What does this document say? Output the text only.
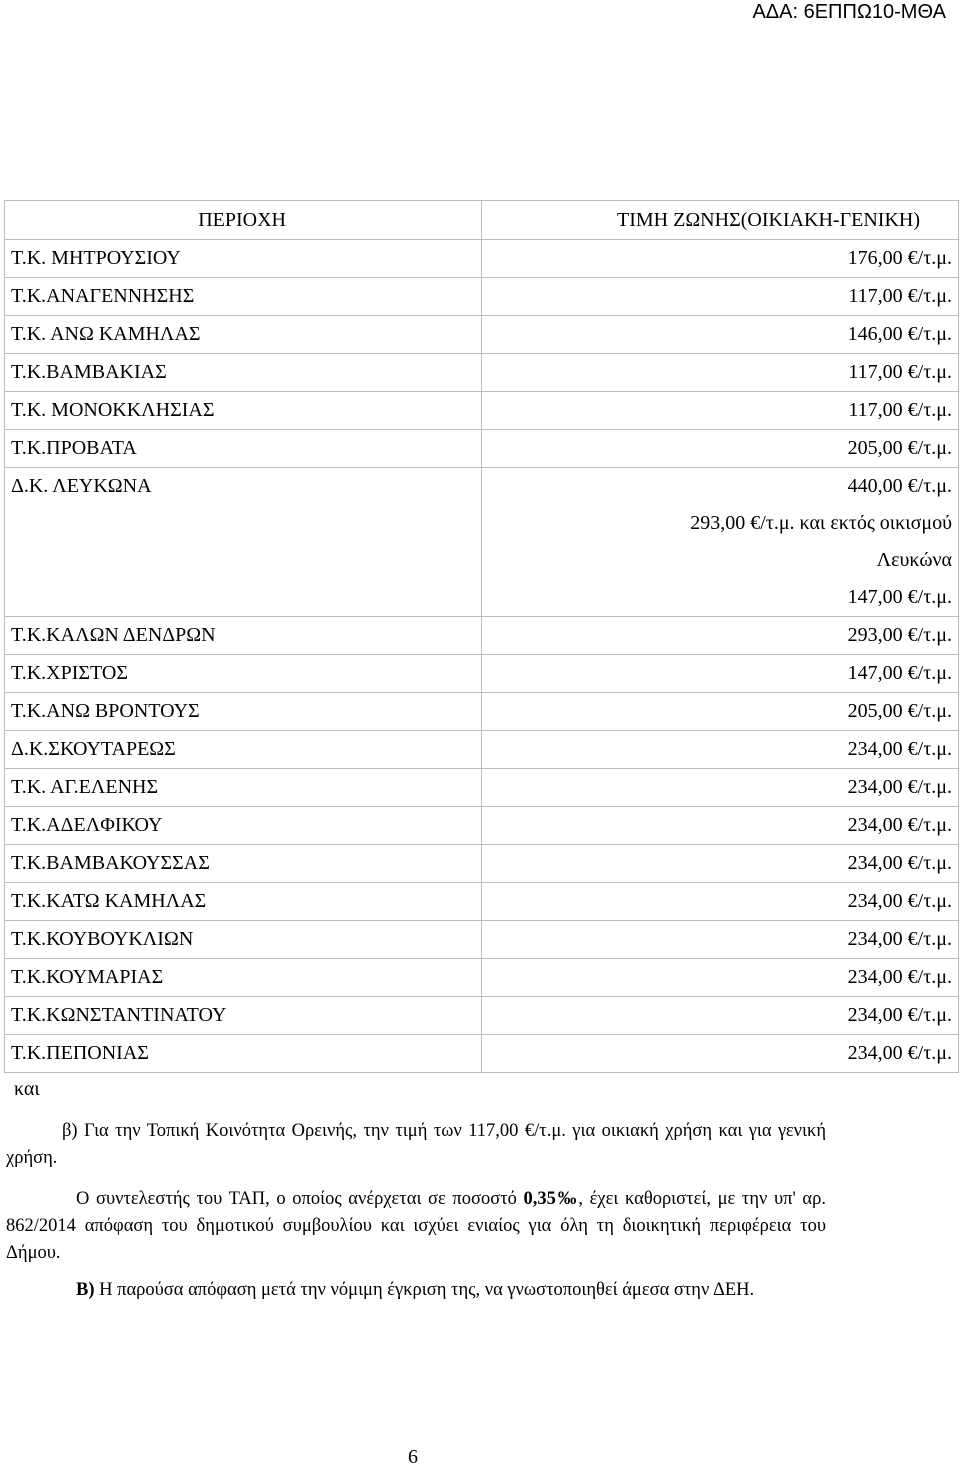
ΑΔΑ: 6ΕΠΠΩ10-ΜΘΑ
ΠΕΡΙΟΧΗ	ΤΙΜΗ ΖΩΝΗΣ(ΟΙΚΙΑΚΗ-ΓΕΝΙΚΗ)
Τ.Κ. ΜΗΤΡΟΥΣΙΟΥ	176,00 €/τ.μ.
Τ.Κ.ΑΝΑΓΕΝΝΗΣΗΣ	117,00 €/τ.μ.
Τ.Κ. ΑΝΩ ΚΑΜΗΛΑΣ	146,00 €/τ.μ.
Τ.Κ.ΒΑΜΒΑΚΙΑΣ	117,00 €/τ.μ.
Τ.Κ. ΜΟΝΟΚΚΛΗΣΙΑΣ	117,00 €/τ.μ.
Τ.Κ.ΠΡΟΒΑΤΑ	205,00 €/τ.μ.
Δ.Κ. ΛΕΥΚΩΝΑ	440,00 €/τ.μ.
293,00 €/τ.μ. και εκτός οικισμού
Λευκώνα
147,00 €/τ.μ.

Τ.Κ.ΚΑΛΩΝ ΔΕΝΔΡΩΝ	293,00 €/τ.μ.
Τ.Κ.ΧΡΙΣΤΟΣ	147,00 €/τ.μ.
Τ.Κ.ΑΝΩ ΒΡΟΝΤΟΥΣ	205,00 €/τ.μ.
Δ.Κ.ΣΚΟΥΤΑΡΕΩΣ	234,00 €/τ.μ.
Τ.Κ. ΑΓ.ΕΛΕΝΗΣ	234,00 €/τ.μ.
Τ.Κ.ΑΔΕΛΦΙΚΟΥ	234,00 €/τ.μ.
Τ.Κ.ΒΑΜΒΑΚΟΥΣΣΑΣ	234,00 €/τ.μ.
Τ.Κ.ΚΑΤΩ ΚΑΜΗΛΑΣ	234,00 €/τ.μ.
Τ.Κ.ΚΟΥΒΟΥΚΛΙΩΝ	234,00 €/τ.μ.
Τ.Κ.ΚΟΥΜΑΡΙΑΣ	234,00 €/τ.μ.
Τ.Κ.ΚΩΝΣΤΑΝΤΙΝΑΤΟΥ	234,00 €/τ.μ.
Τ.Κ.ΠΕΠΟΝΙΑΣ	234,00 €/τ.μ.
και
β) Για την Τοπική Κοινότητα Ορεινής, την τιμή των 117,00 €/τ.μ. για οικιακή χρήση και για γενική χρήση.
Ο συντελεστής του ΤΑΠ, ο οποίος ανέρχεται σε ποσοστό 0,35‰, έχει καθοριστεί, με την υπ' αρ. 862/2014 απόφαση του δημοτικού συμβουλίου και ισχύει ενιαίος για όλη τη διοικητική περιφέρεια του Δήμου.
Β) Η παρούσα απόφαση μετά την νόμιμη έγκριση της, να γνωστοποιηθεί άμεσα στην ΔΕΗ.
6
